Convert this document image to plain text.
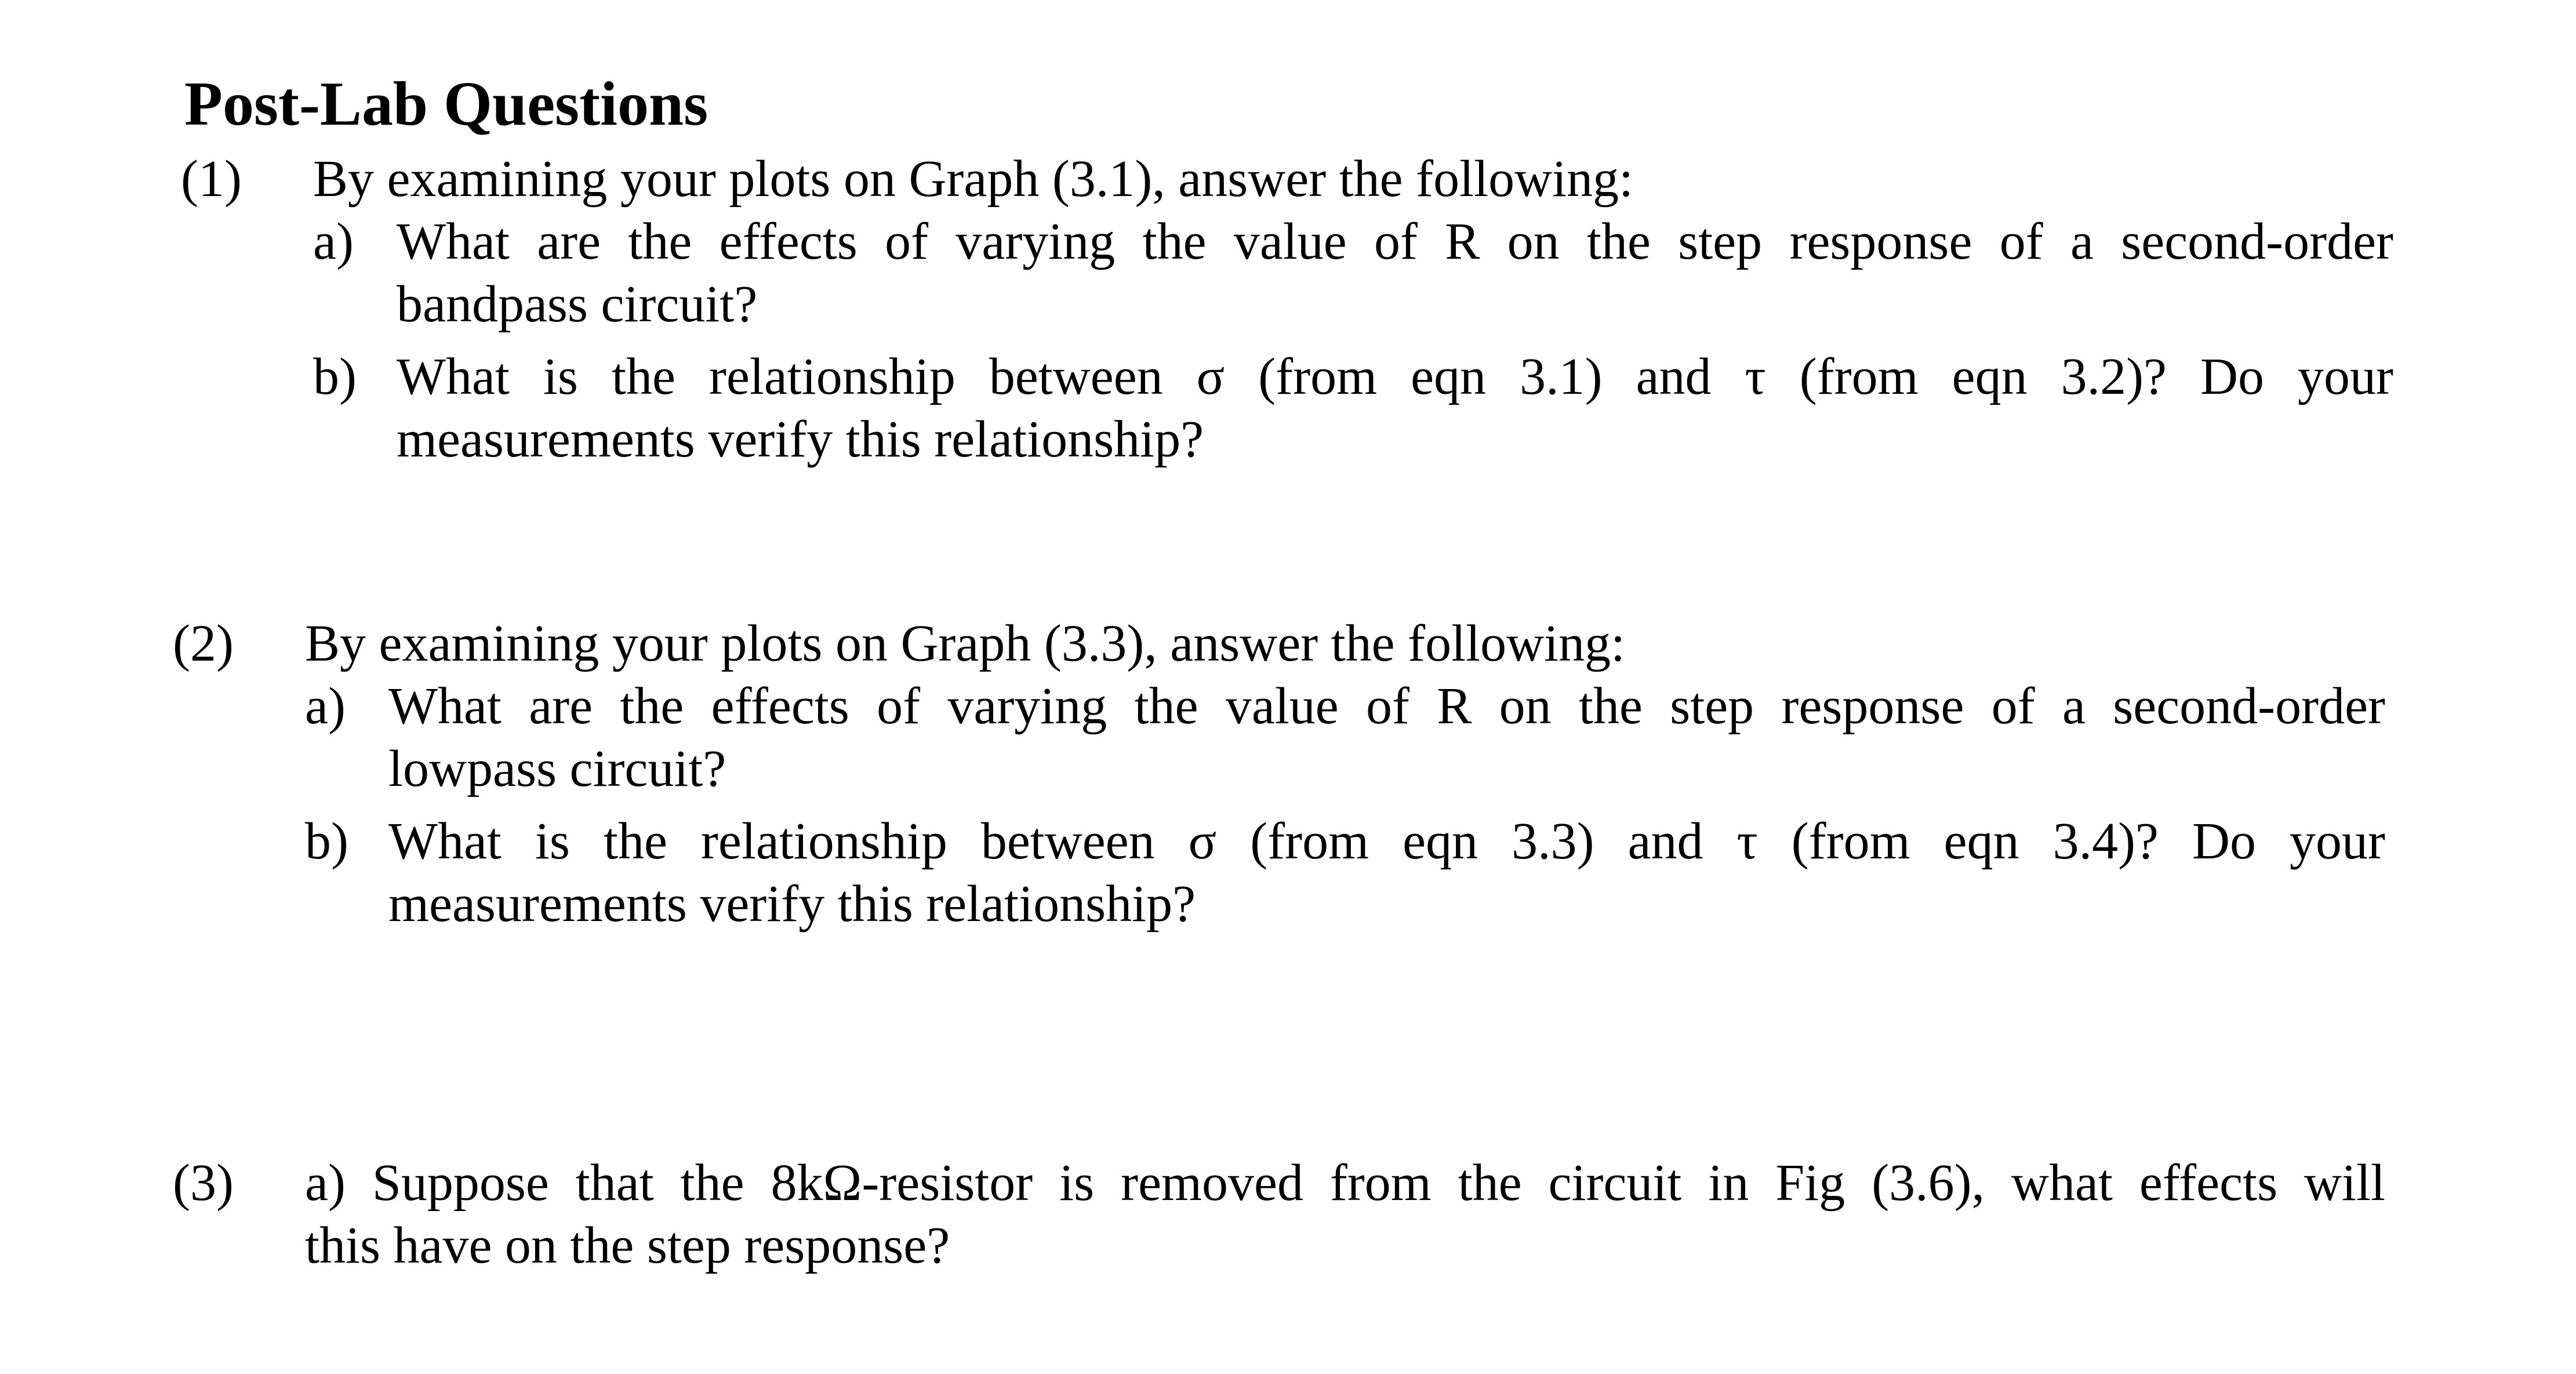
Post-Lab Questions
(1) By examining your plots on Graph (3.1), answer the following:
a) What are the effects of varying the value of R on the step response of a second-order
bandpass circuit?
b) What is the relationship between σ (from eqn 3.1) and τ (from eqn 3.2)? Do your
measurements verify this relationship?
(2) By examining your plots on Graph (3.3), answer the following:
a) What are the effects of varying the value of R on the step response of a second-order
lowpass circuit?
b) What is the relationship between σ (from eqn 3.3) and τ (from eqn 3.4)? Do your
measurements verify this relationship?
(3) a) Suppose that the 8kΩ-resistor is removed from the circuit in Fig (3.6), what effects will
this have on the step response?
